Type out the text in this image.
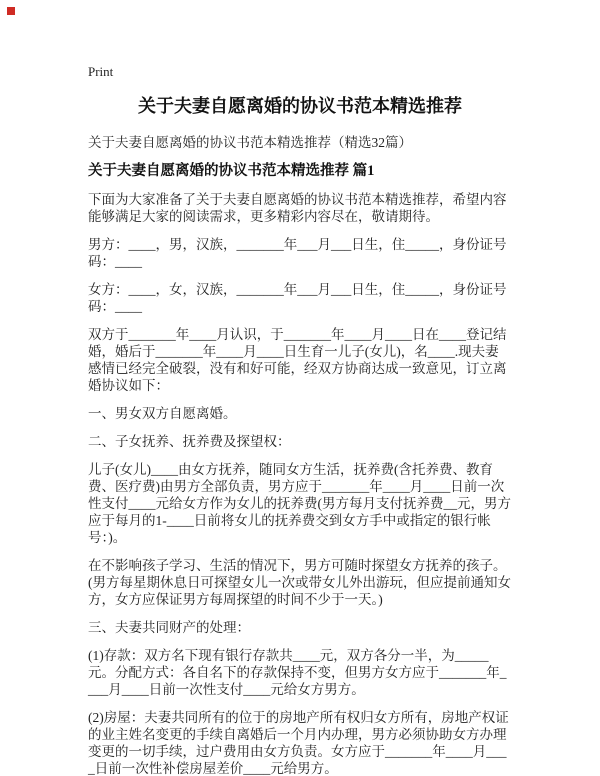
Print
关于夫妻自愿离婚的协议书范本精选推荐

关于夫妻自愿离婚的协议书范本精选推荐（精选32篇）

关于夫妻自愿离婚的协议书范本精选推荐 篇1

下面为大家准备了关于夫妻自愿离婚的协议书范本精选推荐，希望内容能够满足大家的阅读需求，更多精彩内容尽在，敬请期待。

男方：____，男，汉族，_______年___月___日生，住_____，身份证号码：____

女方：____，女，汉族，_______年___月___日生，住_____，身份证号码：____

双方于_______年____月认识，于_______年____月____日在____登记结婚，婚后于_______年____月____日生育一儿子(女儿)，名____.现夫妻感情已经完全破裂，没有和好可能，经双方协商达成一致意见，订立离婚协议如下：

一、男女双方自愿离婚。

二、子女抚养、抚养费及探望权：

儿子(女儿)____由女方抚养，随同女方生活，抚养费(含托养费、教育费、医疗费)由男方全部负责，男方应于_______年____月____日前一次性支付____元给女方作为女儿的抚养费(男方每月支付抚养费__元，男方应于每月的1-____日前将女儿的抚养费交到女方手中或指定的银行帐号：)。

在不影响孩子学习、生活的情况下，男方可随时探望女方抚养的孩子。(男方每星期休息日可探望女儿一次或带女儿外出游玩，但应提前通知女方，女方应保证男方每周探望的时间不少于一天。)

三、夫妻共同财产的处理：

(1)存款：双方名下现有银行存款共____元，双方各分一半，为_____元。分配方式：各自名下的存款保持不变，但男方女方应于_______年____月____日前一次性支付____元给女方男方。

(2)房屋：夫妻共同所有的位于的房地产所有权归女方所有，房地产权证的业主姓名变更的手续自离婚后一个月内办理，男方必须协助女方办理变更的一切手续，过户费用由女方负责。女方应于_______年____月____日前一次性补偿房屋差价____元给男方。
